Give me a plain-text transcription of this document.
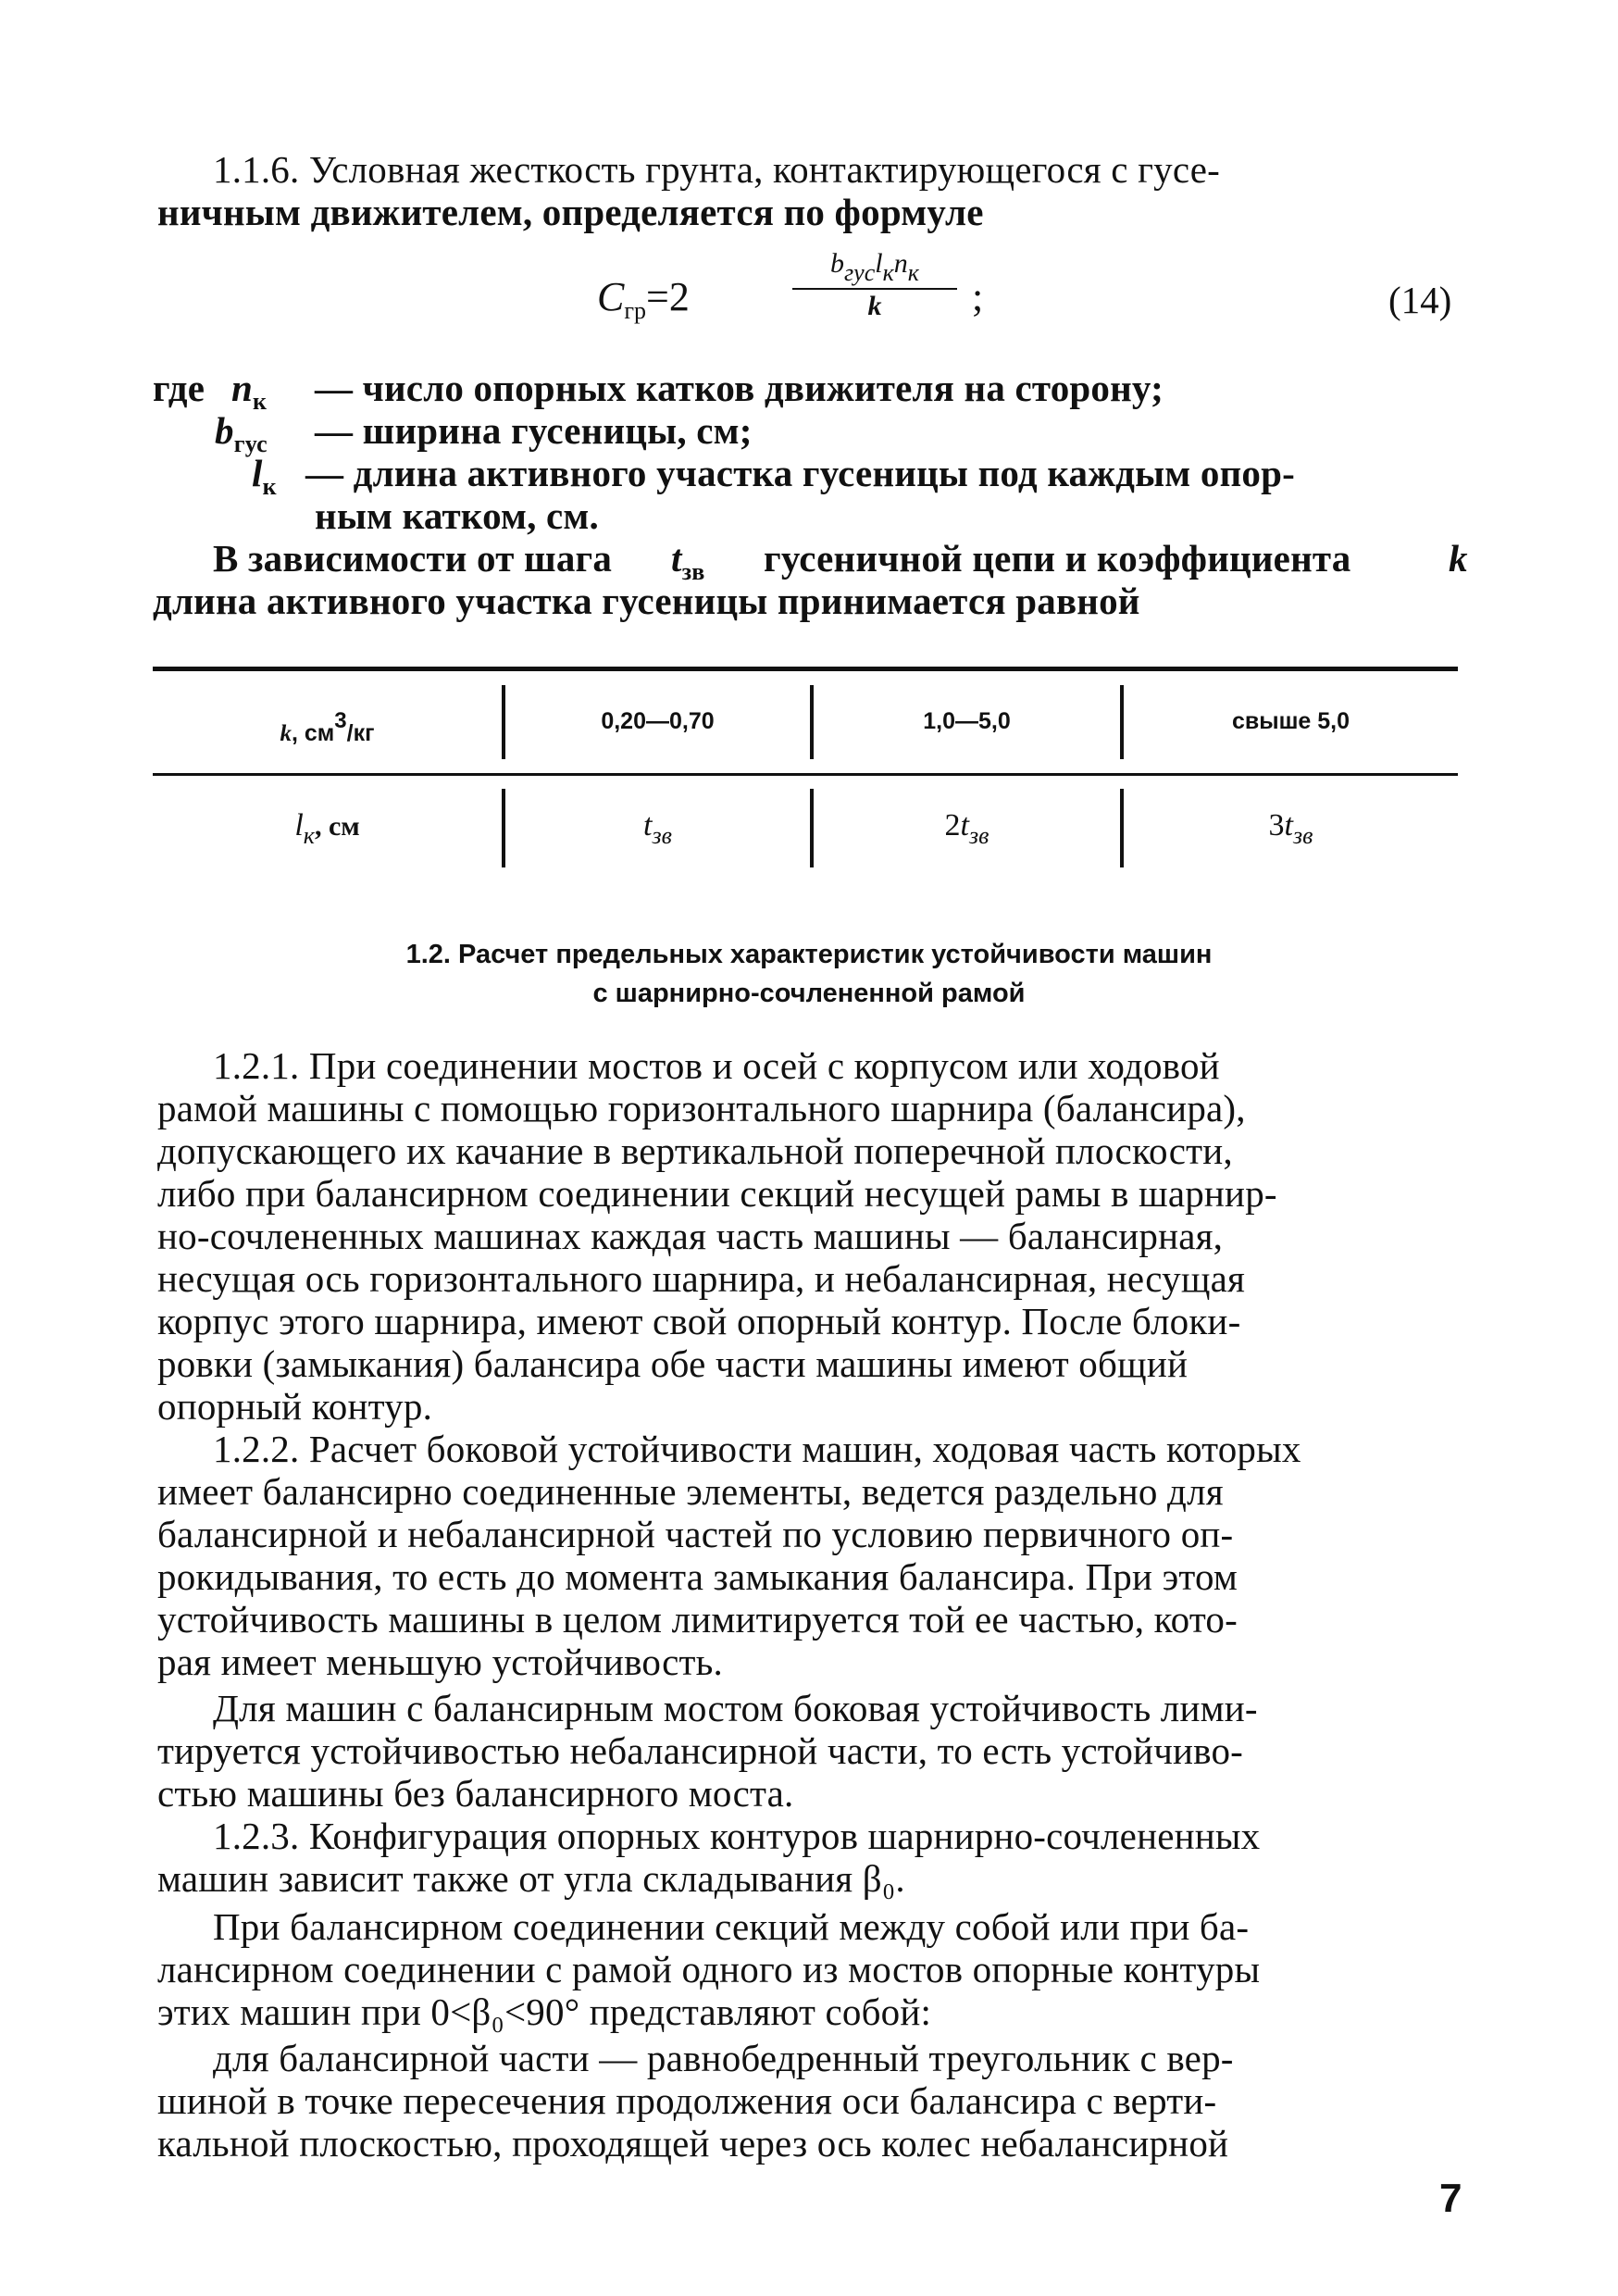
1.1.6. Условная жесткость грунта, контактирующегося с гусе-
ничным движителем, определяется по формуле
$C_{гр}=2$
bгусlкnк
k	;	(14)
где $n_к$ — число опорных катков движителя на сторону;
$b_{гус}$ — ширина гусеницы, см;
$l_к$ — длина активного участка гусеницы под каждым опор-
ным катком, см.
В зависимости от шага $t_{зв}$ гусеничной цепи и коэффициента	k
длина активного участка гусеницы принимается равной
k, см3/кг	0,20—0,70	1,0—5,0	свыше 5,0
$l_к$, см	$t_{зв}$	$2t_{зв}$	$3t_{зв}$
1.2. Расчет предельных характеристик устойчивости машин
с шарнирно-сочлененной рамой
1.2.1. При соединении мостов и осей с корпусом или ходовой
рамой машины с помощью горизонтального шарнира (балансира),
допускающего их качание в вертикальной поперечной плоскости,
либо при балансирном соединении секций несущей рамы в шарнир-
но-сочлененных машинах каждая часть машины — балансирная,
несущая ось горизонтального шарнира, и небалансирная, несущая
корпус этого шарнира, имеют свой опорный контур. После блоки-
ровки (замыкания) балансира обе части машины имеют общий
опорный контур.
1.2.2. Расчет боковой устойчивости машин, ходовая часть которых
имеет балансирно соединенные элементы, ведется раздельно для
балансирной и небалансирной частей по условию первичного оп-
рокидывания, то есть до момента замыкания балансира. При этом
устойчивость машины в целом лимитируется той ее частью, кото-
рая имеет меньшую устойчивость.
Для машин с балансирным мостом боковая устойчивость лими-
тируется устойчивостью небалансирной части, то есть устойчиво-
стью машины без балансирного моста.
1.2.3. Конфигурация опорных контуров шарнирно-сочлененных
машин зависит также от угла складывания β₀.
При балансирном соединении секций между собой или при ба-
лансирном соединении с рамой одного из мостов опорные контуры
этих машин при 0<β₀<90° представляют собой:
для балансирной части — равнобедренный треугольник с вер-
шиной в точке пересечения продолжения оси балансира с верти-
кальной плоскостью, проходящей через ось колес небалансирной
7
